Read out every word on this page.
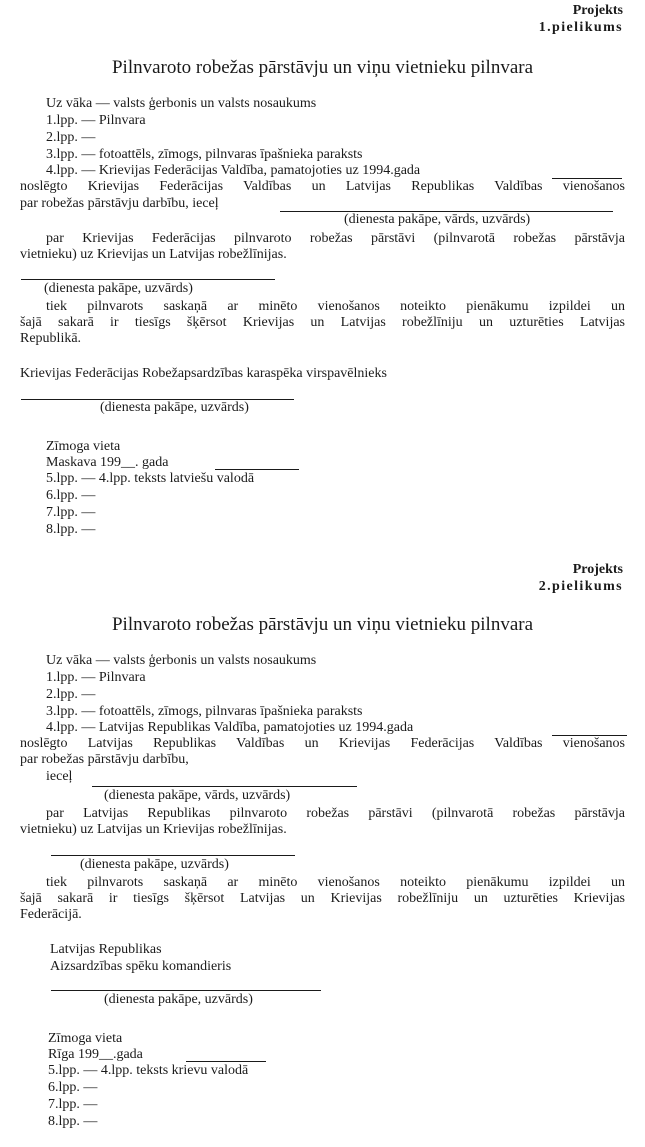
Projekts
1.pielikums
Pilnvaroto robežas pārstāvju un viņu vietnieku pilnvara
Uz vāka — valsts ģerbonis un valsts nosaukums
1.lpp. — Pilnvara
2.lpp. —
3.lpp. — fotoattēls, zīmogs, pilnvaras īpašnieka paraksts
4.lpp. — Krievijas Federācijas Valdība, pamatojoties uz 1994.gada
noslēgto Krievijas Federācijas Valdības un Latvijas Republikas Valdības vienošanos
par robežas pārstāvju darbību, ieceļ
(dienesta pakāpe, vārds, uzvārds)
par Krievijas Federācijas pilnvaroto robežas pārstāvi (pilnvarotā robežas pārstāvja
vietnieku) uz Krievijas un Latvijas robežlīnijas.
(dienesta pakāpe, uzvārds)
tiek pilnvarots saskaņā ar minēto vienošanos noteikto pienākumu izpildei un
šajā sakarā ir tiesīgs šķērsot Krievijas un Latvijas robežlīniju un uzturēties Latvijas
Republikā.
Krievijas Federācijas Robežapsardzības karaspēka virspavēlnieks
(dienesta pakāpe, uzvārds)
Zīmoga vieta
Maskava 199__. gada
5.lpp. — 4.lpp. teksts latviešu valodā
6.lpp. —
7.lpp. —
8.lpp. —
Projekts
2.pielikums
Pilnvaroto robežas pārstāvju un viņu vietnieku pilnvara
Uz vāka — valsts ģerbonis un valsts nosaukums
1.lpp. — Pilnvara
2.lpp. —
3.lpp. — fotoattēls, zīmogs, pilnvaras īpašnieka paraksts
4.lpp. — Latvijas Republikas Valdība, pamatojoties uz 1994.gada
noslēgto Latvijas Republikas Valdības un Krievijas Federācijas Valdības vienošanos
par robežas pārstāvju darbību,
ieceļ
(dienesta pakāpe, vārds, uzvārds)
par Latvijas Republikas pilnvaroto robežas pārstāvi (pilnvarotā robežas pārstāvja
vietnieku) uz Latvijas un Krievijas robežlīnijas.
(dienesta pakāpe, uzvārds)
tiek pilnvarots saskaņā ar minēto vienošanos noteikto pienākumu izpildei un
šajā sakarā ir tiesīgs šķērsot Latvijas un Krievijas robežlīniju un uzturēties Krievijas
Federācijā.
Latvijas Republikas
Aizsardzības spēku komandieris
(dienesta pakāpe, uzvārds)
Zīmoga vieta
Rīga 199__.gada
5.lpp. — 4.lpp. teksts krievu valodā
6.lpp. —
7.lpp. —
8.lpp. —
